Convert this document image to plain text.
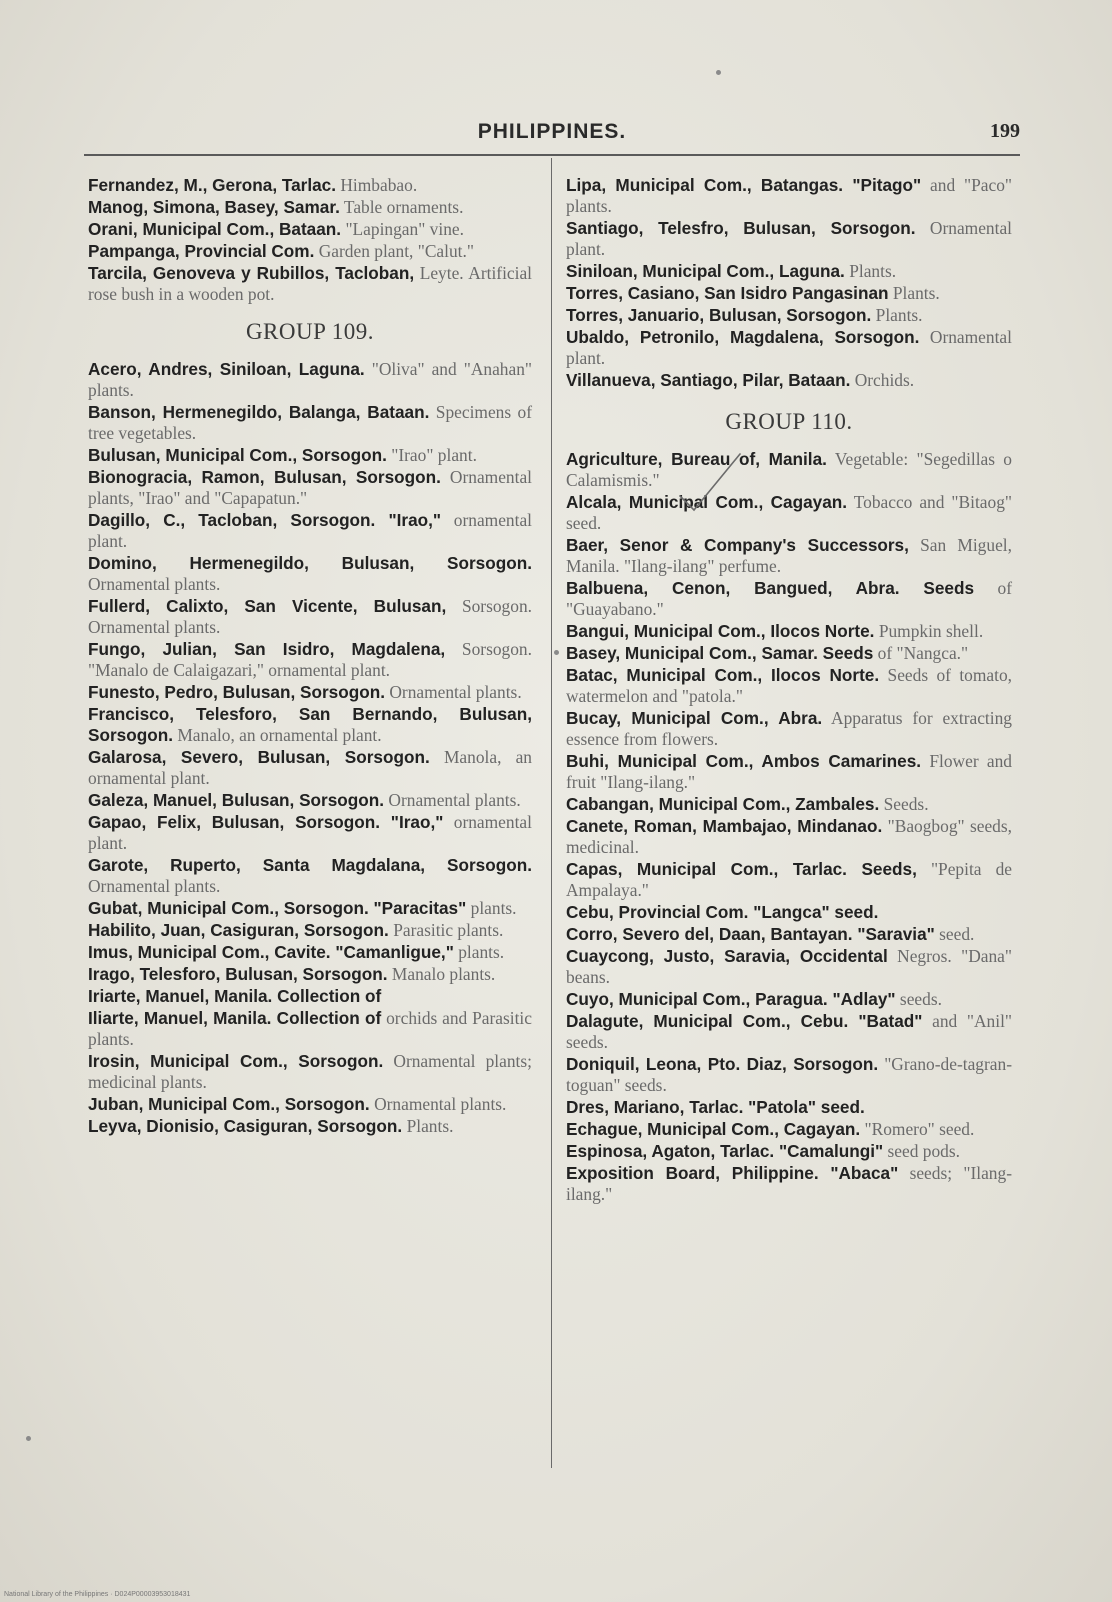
PHILIPPINES.	199

Fernandez, M., Gerona, Tarlac. Himbabao.

Manog, Simona, Basey, Samar. Table ornaments.

Orani, Municipal Com., Bataan. "Lapingan" vine.

Pampanga, Provincial Com. Garden plant, "Calut."

Tarcila, Genoveva y Rubillos, Tacloban, Leyte. Artificial rose bush in a wooden pot.

GROUP 109.

Acero, Andres, Siniloan, Laguna. "Oliva" and "Anahan" plants.

Banson, Hermenegildo, Balanga, Bataan. Specimens of tree vegetables.

Bulusan, Municipal Com., Sorsogon. "Irao" plant.

Bionogracia, Ramon, Bulusan, Sorsogon. Ornamental plants, "Irao" and "Capapatun."

Dagillo, C., Tacloban, Sorsogon. "Irao," ornamental plant.

Domino, Hermenegildo, Bulusan, Sorsogon. Ornamental plants.

Fullerd, Calixto, San Vicente, Bulusan, Sorsogon. Ornamental plants.

Fungo, Julian, San Isidro, Magdalena, Sorsogon. "Manalo de Calaigazari," ornamental plant.

Funesto, Pedro, Bulusan, Sorsogon. Ornamental plants.

Francisco, Telesforo, San Bernando, Bulusan, Sorsogon. Manalo, an ornamental plant.

Galarosa, Severo, Bulusan, Sorsogon. Manola, an ornamental plant.

Galeza, Manuel, Bulusan, Sorsogon. Ornamental plants.

Gapao, Felix, Bulusan, Sorsogon. "Irao," ornamental plant.

Garote, Ruperto, Santa Magdalana, Sorsogon. Ornamental plants.

Gubat, Municipal Com., Sorsogon. "Paracitas" plants.

Habilito, Juan, Casiguran, Sorsogon. Parasitic plants.

Imus, Municipal Com., Cavite. "Camanligue," plants.

Irago, Telesforo, Bulusan, Sorsogon. Manalo plants.

Iriarte, Manuel, Manila. Collection of

Iliarte, Manuel, Manila. Collection of orchids and Parasitic plants.

Irosin, Municipal Com., Sorsogon. Ornamental plants; medicinal plants.

Juban, Municipal Com., Sorsogon. Ornamental plants.

Leyva, Dionisio, Casiguran, Sorsogon. Plants.

Lipa, Municipal Com., Batangas. "Pitago" and "Paco" plants.

Santiago, Telesfro, Bulusan, Sorsogon. Ornamental plant.

Siniloan, Municipal Com., Laguna. Plants.

Torres, Casiano, San Isidro Pangasinan Plants.

Torres, Januario, Bulusan, Sorsogon. Plants.

Ubaldo, Petronilo, Magdalena, Sorsogon. Ornamental plant.

Villanueva, Santiago, Pilar, Bataan. Orchids.

GROUP 110.

Agriculture, Bureau of, Manila. Vegetable: "Segedillas o Calamismis."

Alcala, Municipal Com., Cagayan. Tobacco and "Bitaog" seed.

Baer, Senor & Company's Successors, San Miguel, Manila. "Ilang-ilang" perfume.

Balbuena, Cenon, Bangued, Abra. Seeds of "Guayabano."

Bangui, Municipal Com., Ilocos Norte. Pumpkin shell.

Basey, Municipal Com., Samar. Seeds of "Nangca."

Batac, Municipal Com., Ilocos Norte. Seeds of tomato, watermelon and "patola."

Bucay, Municipal Com., Abra. Apparatus for extracting essence from flowers.

Buhi, Municipal Com., Ambos Camarines. Flower and fruit "Ilang-ilang."

Cabangan, Municipal Com., Zambales. Seeds.

Canete, Roman, Mambajao, Mindanao. "Baogbog" seeds, medicinal.

Capas, Municipal Com., Tarlac. Seeds, "Pepita de Ampalaya."

Cebu, Provincial Com. "Langca" seed.

Corro, Severo del, Daan, Bantayan. "Saravia" seed.

Cuaycong, Justo, Saravia, Occidental Negros. "Dana" beans.

Cuyo, Municipal Com., Paragua. "Adlay" seeds.

Dalagute, Municipal Com., Cebu. "Batad" and "Anil" seeds.

Doniquil, Leona, Pto. Diaz, Sorsogon. "Grano-de-tagran-toguan" seeds.

Dres, Mariano, Tarlac. "Patola" seed.

Echague, Municipal Com., Cagayan. "Romero" seed.

Espinosa, Agaton, Tarlac. "Camalungi" seed pods.

Exposition Board, Philippine. "Abaca" seeds; "Ilang-ilang."

National Library of the Philippines · D024P00003953018431
